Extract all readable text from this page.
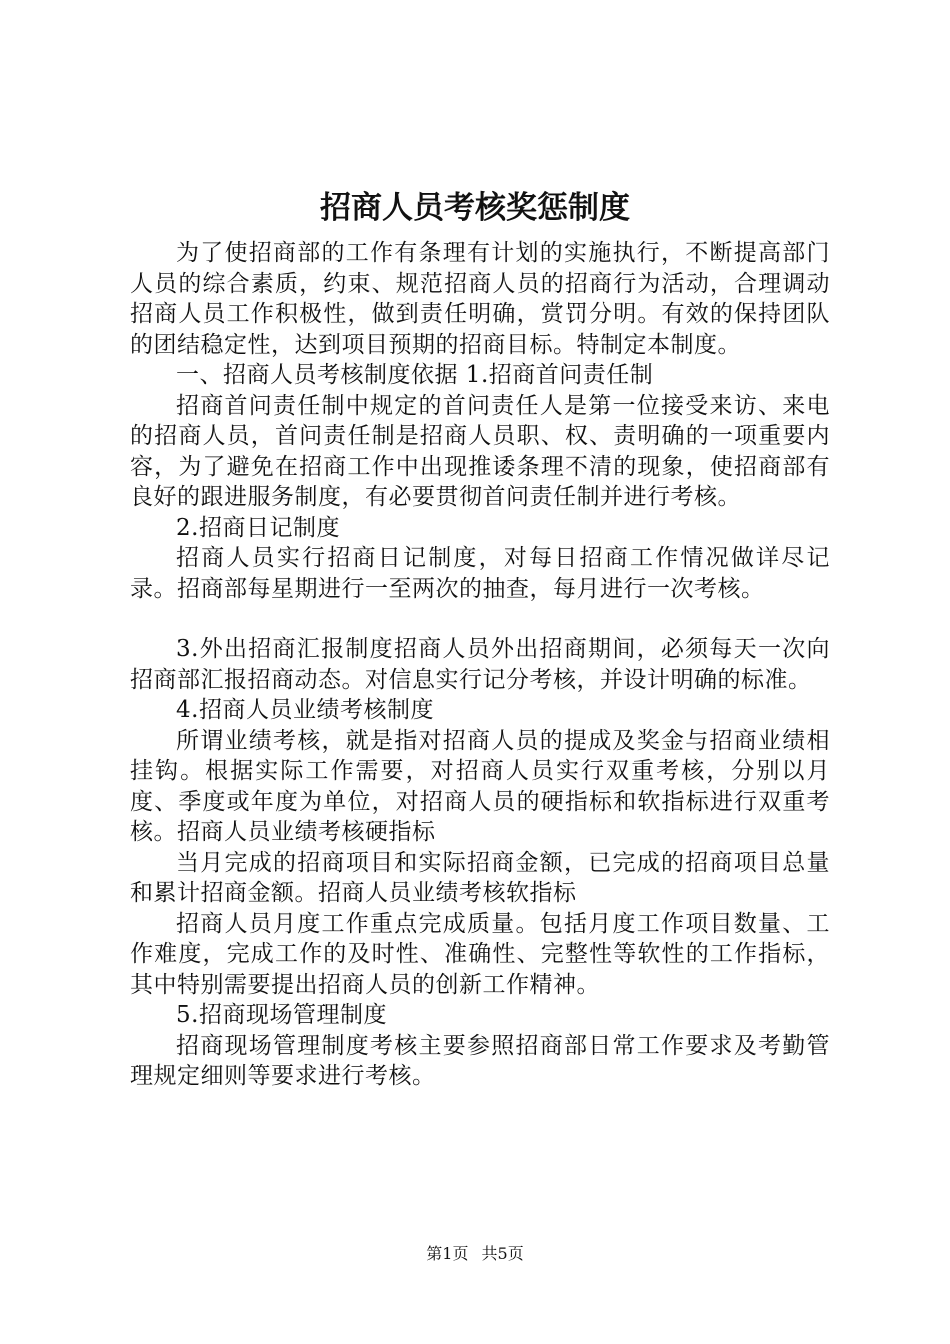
招商人员考核奖惩制度

为了使招商部的工作有条理有计划的实施执行，不断提高部门人员的综合素质，约束、规范招商人员的招商行为活动，合理调动招商人员工作积极性，做到责任明确，赏罚分明。有效的保持团队的团结稳定性，达到项目预期的招商目标。特制定本制度。

一、招商人员考核制度依据 1.招商首问责任制

招商首问责任制中规定的首问责任人是第一位接受来访、来电的招商人员，首问责任制是招商人员职、权、责明确的一项重要内容，为了避免在招商工作中出现推诿条理不清的现象，使招商部有良好的跟进服务制度，有必要贯彻首问责任制并进行考核。

2.招商日记制度

招商人员实行招商日记制度，对每日招商工作情况做详尽记录。招商部每星期进行一至两次的抽查，每月进行一次考核。

3.外出招商汇报制度招商人员外出招商期间，必须每天一次向招商部汇报招商动态。对信息实行记分考核，并设计明确的标准。

4.招商人员业绩考核制度

所谓业绩考核，就是指对招商人员的提成及奖金与招商业绩相挂钩。根据实际工作需要，对招商人员实行双重考核，分别以月度、季度或年度为单位，对招商人员的硬指标和软指标进行双重考核。招商人员业绩考核硬指标

当月完成的招商项目和实际招商金额，已完成的招商项目总量和累计招商金额。招商人员业绩考核软指标

招商人员月度工作重点完成质量。包括月度工作项目数量、工作难度，完成工作的及时性、准确性、完整性等软性的工作指标，其中特别需要提出招商人员的创新工作精神。

5.招商现场管理制度

招商现场管理制度考核主要参照招商部日常工作要求及考勤管理规定细则等要求进行考核。

第1页 共5页
